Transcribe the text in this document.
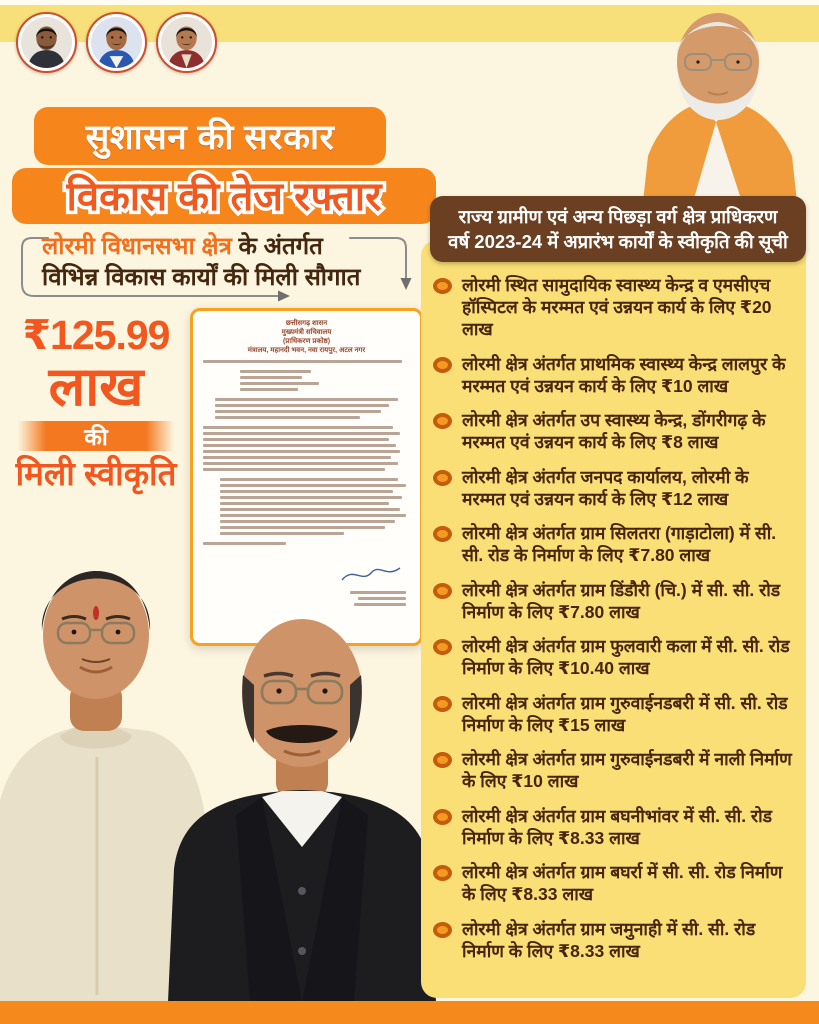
सुशासन की सरकार
विकास की तेज रफ्तार
लोरमी विधानसभा क्षेत्र के अंतर्गत
विभिन्न विकास कार्यों की मिली सौगात
₹125.99
लाख
की
मिली स्वीकृति
छत्तीसगढ़ शासन
मुख्यमंत्री सचिवालय
(प्राधिकरण प्रकोष्ठ)
मंत्रालय, महानदी भवन, नवा रायपुर, अटल नगर
लोरमी स्थित सामुदायिक स्वास्थ्य केन्द्र व एमसीएच हॉस्पिटल के मरम्मत एवं उन्नयन कार्य के लिए ₹20 लाख
लोरमी क्षेत्र अंतर्गत प्राथमिक स्वास्थ्य केन्द्र लालपुर के मरम्मत एवं उन्नयन कार्य के लिए ₹10 लाख
लोरमी क्षेत्र अंतर्गत उप स्वास्थ्य केन्द्र, डोंगरीगढ़ के मरम्मत एवं उन्नयन कार्य के लिए ₹8 लाख
लोरमी क्षेत्र अंतर्गत जनपद कार्यालय, लोरमी के मरम्मत एवं उन्नयन कार्य के लिए ₹12 लाख
लोरमी क्षेत्र अंतर्गत ग्राम सिलतरा (गाड़ाटोला) में सी. सी. रोड के निर्माण के लिए ₹7.80 लाख
लोरमी क्षेत्र अंतर्गत ग्राम डिंडौरी (चि.) में सी. सी. रोड निर्माण के लिए ₹7.80 लाख
लोरमी क्षेत्र अंतर्गत ग्राम फुलवारी कला में सी. सी. रोड निर्माण के लिए ₹10.40 लाख
लोरमी क्षेत्र अंतर्गत ग्राम गुरुवाईनडबरी में सी. सी. रोड निर्माण के लिए ₹15 लाख
लोरमी क्षेत्र अंतर्गत ग्राम गुरुवाईनडबरी में नाली निर्माण के लिए ₹10 लाख
लोरमी क्षेत्र अंतर्गत ग्राम बघनीभांवर में सी. सी. रोड निर्माण के लिए ₹8.33 लाख
लोरमी क्षेत्र अंतर्गत ग्राम बघर्रा में सी. सी. रोड निर्माण के लिए ₹8.33 लाख
लोरमी क्षेत्र अंतर्गत ग्राम जमुनाही में सी. सी. रोड निर्माण के लिए ₹8.33 लाख
राज्य ग्रामीण एवं अन्य पिछड़ा वर्ग क्षेत्र प्राधिकरण
वर्ष 2023-24 में अप्रारंभ कार्यों के स्वीकृति की सूची
